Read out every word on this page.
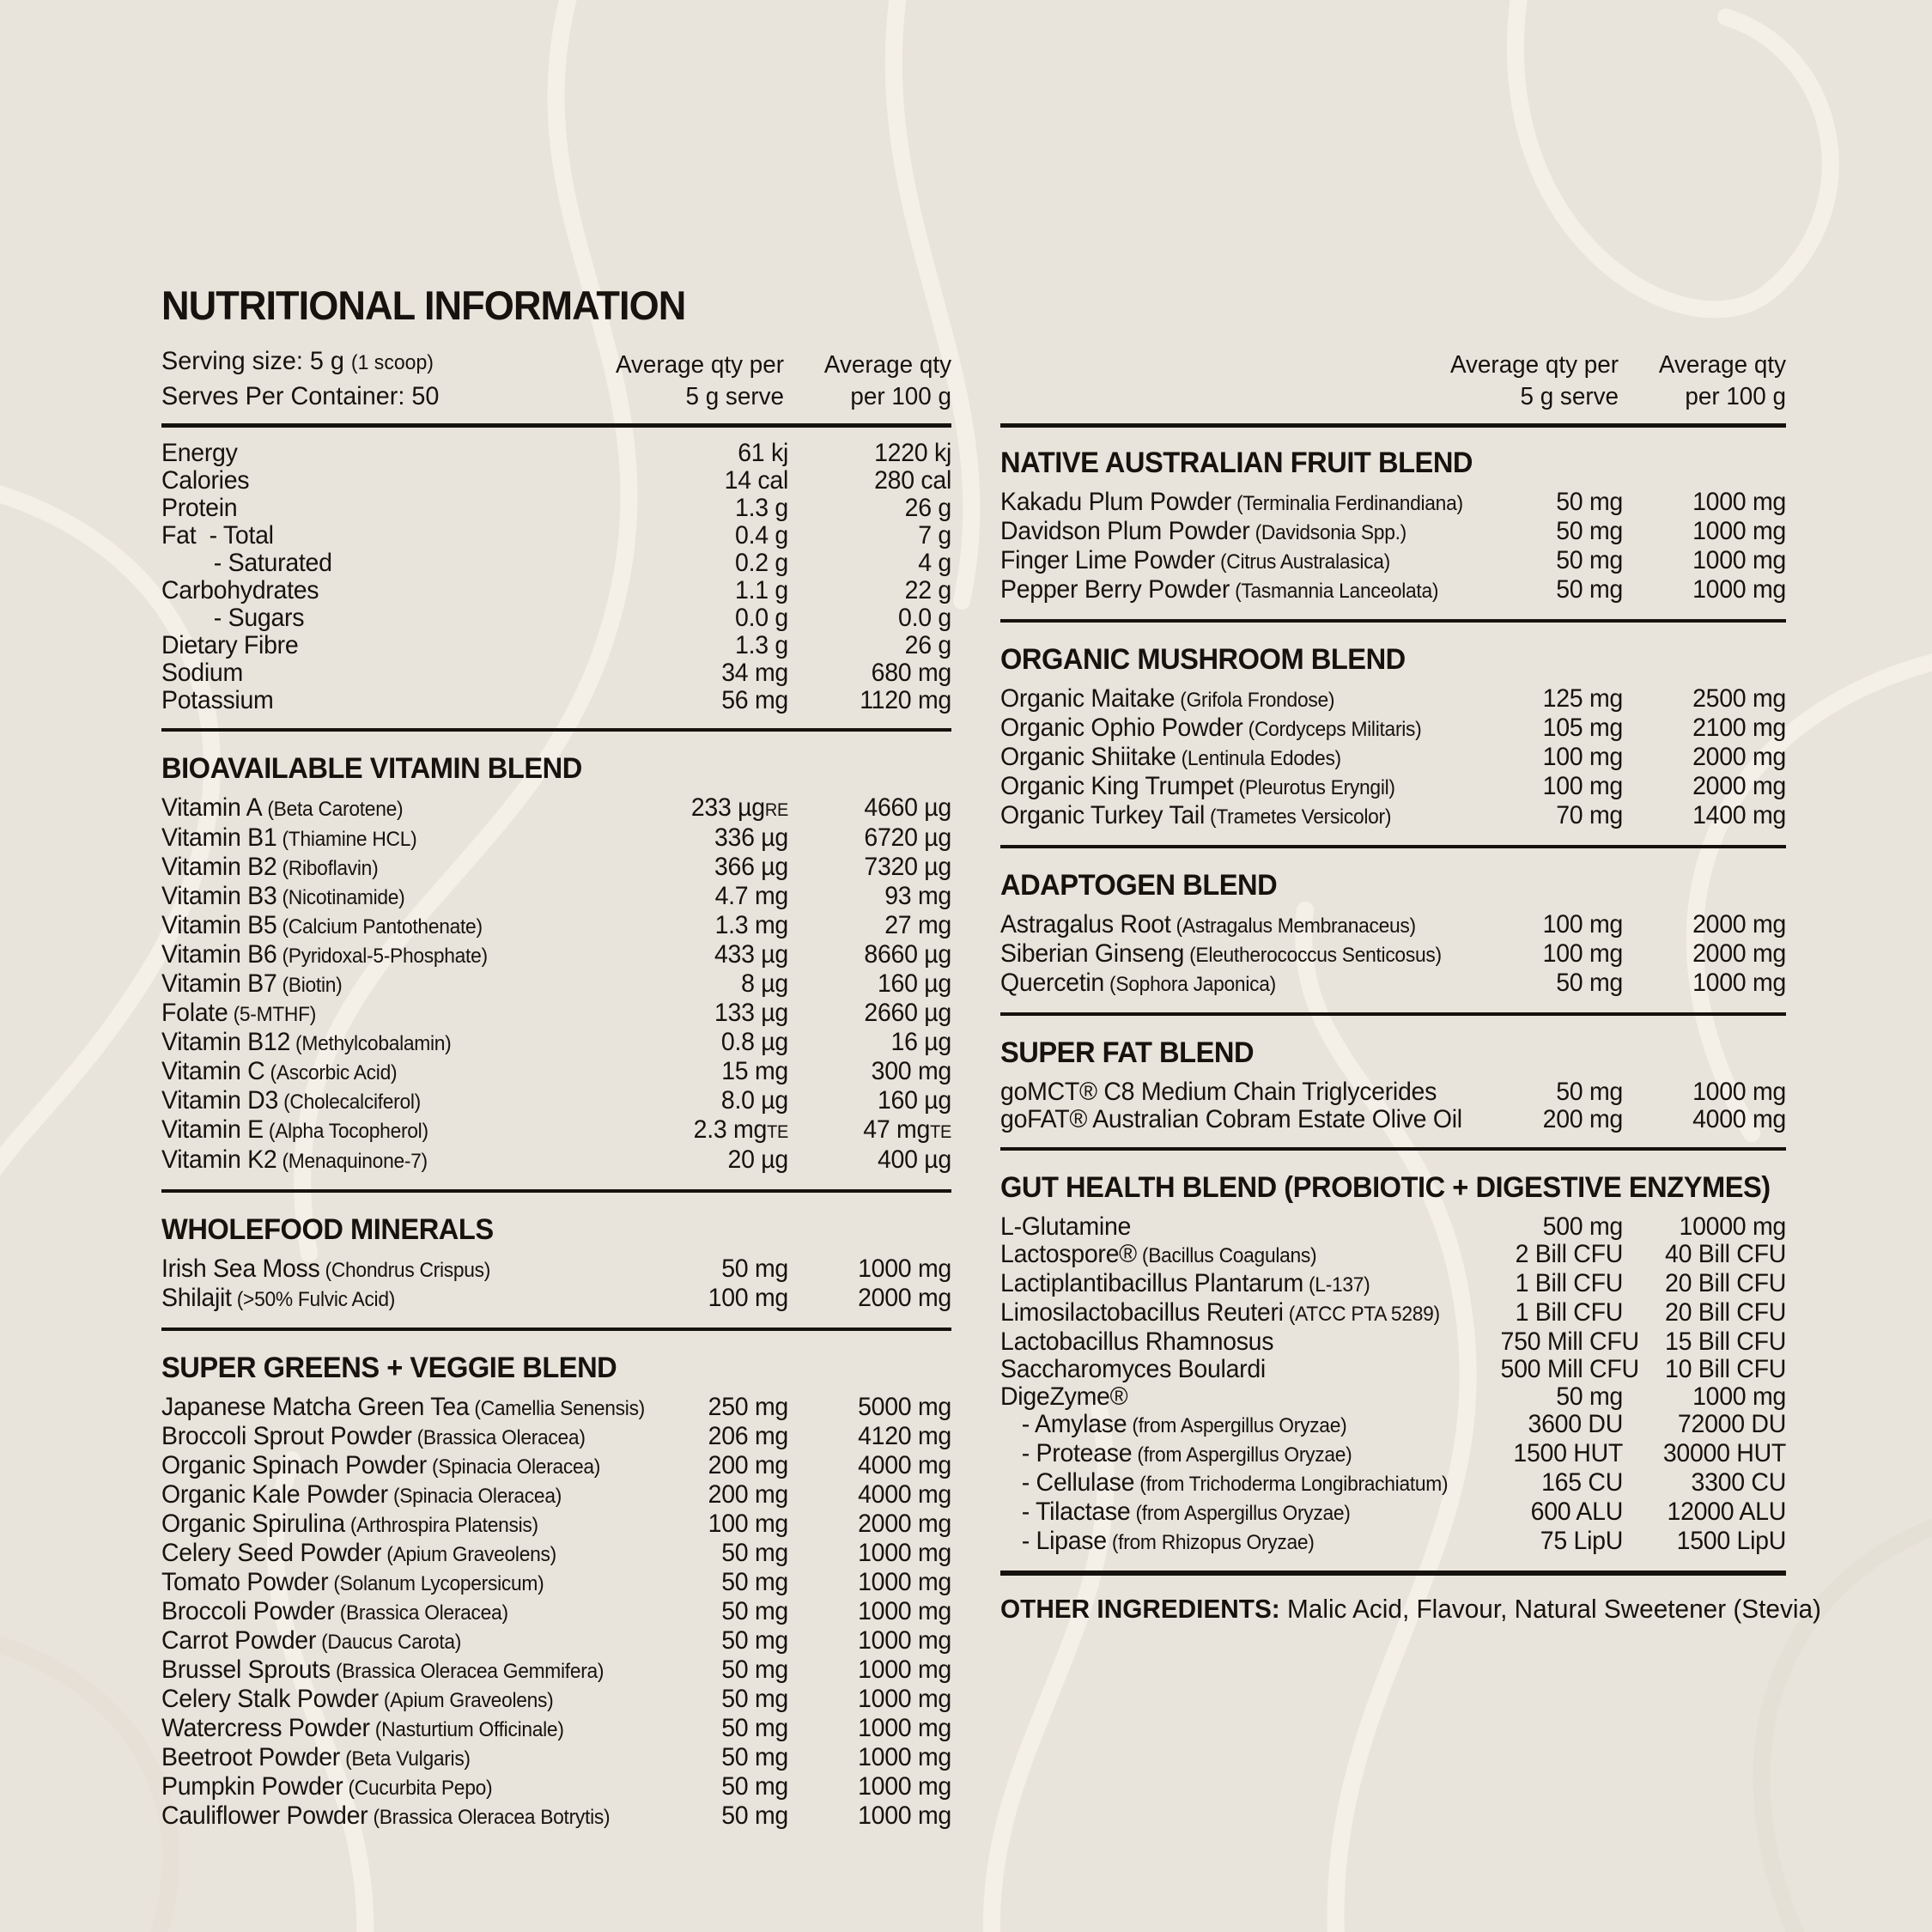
NUTRITIONAL INFORMATION
Serving size: 5 g (1 scoop)
Serves Per Container: 50
Average qty per
5 g serve
Average qty
per 100 g
Energy	61 kj	1220 kj
Calories	14 cal	280 cal
Protein	1.3 g	26 g
Fat  - Total	0.4 g	7 g
- Saturated	0.2 g	4 g
Carbohydrates	1.1 g	22 g
- Sugars	0.0 g	0.0 g
Dietary Fibre	1.3 g	26 g
Sodium	34 mg	680 mg
Potassium	56 mg	1120 mg
BIOAVAILABLE VITAMIN BLEND
Vitamin A (Beta Carotene)	233 µgRE	4660 µg
Vitamin B1 (Thiamine HCL)	336 µg	6720 µg
Vitamin B2 (Riboflavin)	366 µg	7320 µg
Vitamin B3 (Nicotinamide)	4.7 mg	93 mg
Vitamin B5 (Calcium Pantothenate)	1.3 mg	27 mg
Vitamin B6 (Pyridoxal-5-Phosphate)	433 µg	8660 µg
Vitamin B7 (Biotin)	8 µg	160 µg
Folate (5-MTHF)	133 µg	2660 µg
Vitamin B12 (Methylcobalamin)	0.8 µg	16 µg
Vitamin C (Ascorbic Acid)	15 mg	300 mg
Vitamin D3 (Cholecalciferol)	8.0 µg	160 µg
Vitamin E (Alpha Tocopherol)	2.3 mgTE	47 mgTE
Vitamin K2 (Menaquinone-7)	20 µg	400 µg
WHOLEFOOD MINERALS
Irish Sea Moss (Chondrus Crispus)	50 mg	1000 mg
Shilajit (>50% Fulvic Acid)	100 mg	2000 mg
SUPER GREENS + VEGGIE BLEND
Japanese Matcha Green Tea (Camellia Senensis)	250 mg	5000 mg
Broccoli Sprout Powder (Brassica Oleracea)	206 mg	4120 mg
Organic Spinach Powder (Spinacia Oleracea)	200 mg	4000 mg
Organic Kale Powder (Spinacia Oleracea)	200 mg	4000 mg
Organic Spirulina (Arthrospira Platensis)	100 mg	2000 mg
Celery Seed Powder (Apium Graveolens)	50 mg	1000 mg
Tomato Powder (Solanum Lycopersicum)	50 mg	1000 mg
Broccoli Powder (Brassica Oleracea)	50 mg	1000 mg
Carrot Powder (Daucus Carota)	50 mg	1000 mg
Brussel Sprouts (Brassica Oleracea Gemmifera)	50 mg	1000 mg
Celery Stalk Powder (Apium Graveolens)	50 mg	1000 mg
Watercress Powder (Nasturtium Officinale)	50 mg	1000 mg
Beetroot Powder (Beta Vulgaris)	50 mg	1000 mg
Pumpkin Powder (Cucurbita Pepo)	50 mg	1000 mg
Cauliflower Powder (Brassica Oleracea Botrytis)	50 mg	1000 mg
Average qty per
5 g serve
Average qty
per 100 g
NATIVE AUSTRALIAN FRUIT BLEND
Kakadu Plum Powder (Terminalia Ferdinandiana)	50 mg	1000 mg
Davidson Plum Powder (Davidsonia Spp.)	50 mg	1000 mg
Finger Lime Powder (Citrus Australasica)	50 mg	1000 mg
Pepper Berry Powder (Tasmannia Lanceolata)	50 mg	1000 mg
ORGANIC MUSHROOM BLEND
Organic Maitake (Grifola Frondose)	125 mg	2500 mg
Organic Ophio Powder (Cordyceps Militaris)	105 mg	2100 mg
Organic Shiitake (Lentinula Edodes)	100 mg	2000 mg
Organic King Trumpet (Pleurotus Eryngil)	100 mg	2000 mg
Organic Turkey Tail (Trametes Versicolor)	70 mg	1400 mg
ADAPTOGEN BLEND
Astragalus Root (Astragalus Membranaceus)	100 mg	2000 mg
Siberian Ginseng (Eleutherococcus Senticosus)	100 mg	2000 mg
Quercetin (Sophora Japonica)	50 mg	1000 mg
SUPER FAT BLEND
goMCT® C8 Medium Chain Triglycerides	50 mg	1000 mg
goFAT® Australian Cobram Estate Olive Oil	200 mg	4000 mg
GUT HEALTH BLEND (PROBIOTIC + DIGESTIVE ENZYMES)
L-Glutamine	500 mg	10000 mg
Lactospore® (Bacillus Coagulans)	2 Bill CFU	40 Bill CFU
Lactiplantibacillus Plantarum (L-137)	1 Bill CFU	20 Bill CFU
Limosilactobacillus Reuteri (ATCC PTA 5289)	1 Bill CFU	20 Bill CFU
Lactobacillus Rhamnosus	750 Mill CFU	15 Bill CFU
Saccharomyces Boulardi	500 Mill CFU	10 Bill CFU
DigeZyme®	50 mg	1000 mg
- Amylase (from Aspergillus Oryzae)	3600 DU	72000 DU
- Protease (from Aspergillus Oryzae)	1500 HUT	30000 HUT
- Cellulase (from Trichoderma Longibrachiatum)	165 CU	3300 CU
- Tilactase (from Aspergillus Oryzae)	600 ALU	12000 ALU
- Lipase (from Rhizopus Oryzae)	75 LipU	1500 LipU
OTHER INGREDIENTS: Malic Acid, Flavour, Natural Sweetener (Stevia)
